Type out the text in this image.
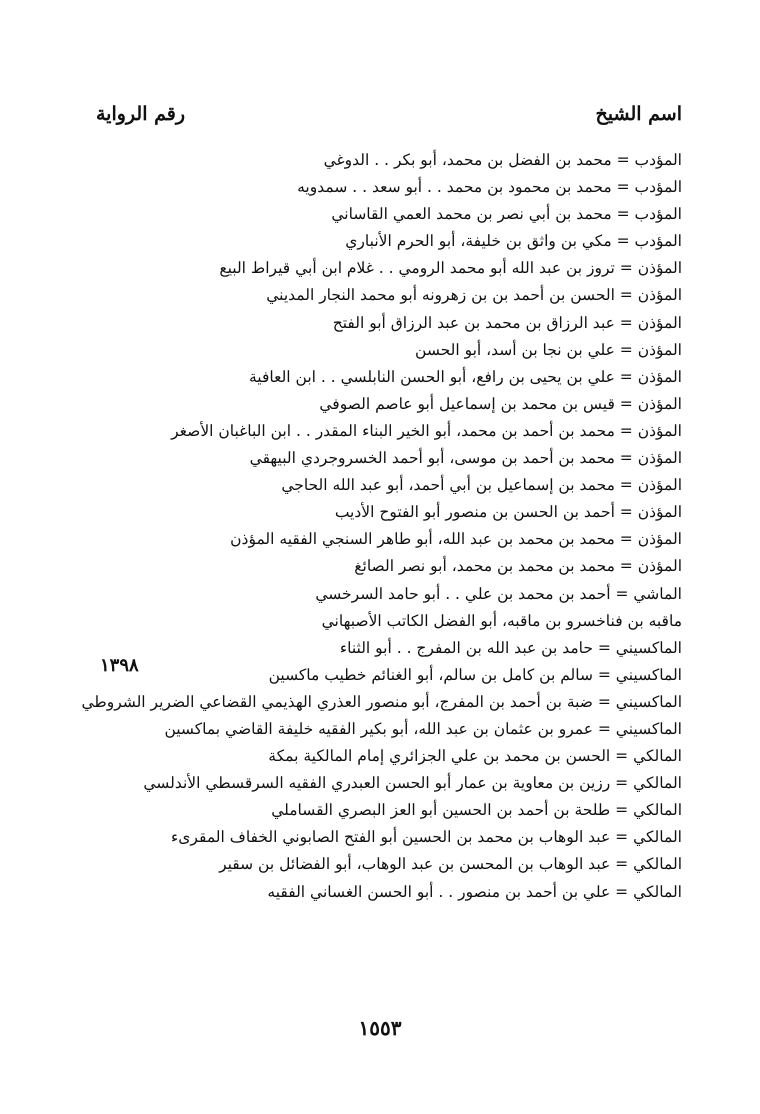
اسم الشيخ
رقم الرواية
المؤدب = محمد بن الفضل بن محمد، أبو بكر . . الدوغي
المؤدب = محمد بن محمود بن محمد . . أبو سعد . . سمدويه
المؤدب = محمد بن أبي نصر بن محمد العمي القاساني
المؤدب = مكي بن واثق بن خليفة، أبو الحرم الأنباري
المؤذن = تروز بن عبد الله أبو محمد الرومي . . غلام ابن أبي قيراط البيع
المؤذن = الحسن بن أحمد بن بن زهرونه أبو محمد النجار المديني
المؤذن = عبد الرزاق بن محمد بن عبد الرزاق أبو الفتح
المؤذن = علي بن نجا بن أسد، أبو الحسن
المؤذن = علي بن يحيى بن رافع، أبو الحسن النابلسي . . ابن العافية
المؤذن = قيس بن محمد بن إسماعيل أبو عاصم الصوفي
المؤذن = محمد بن أحمد بن محمد، أبو الخير البناء المقدر . . ابن الباغبان الأصغر
المؤذن = محمد بن أحمد بن موسى، أبو أحمد الخسروجردي البيهقي
المؤذن = محمد بن إسماعيل بن أبي أحمد، أبو عبد الله الحاجي
المؤذن = أحمد بن الحسن بن منصور أبو الفتوح الأديب
المؤذن = محمد بن محمد بن عبد الله، أبو طاهر السنجي الفقيه المؤذن
المؤذن = محمد بن محمد بن محمد، أبو نصر الصائغ
الماشي = أحمد بن محمد بن علي . . أبو حامد السرخسي
ماقبه بن فناخسرو بن ماقبه، أبو الفضل الكاتب الأصبهاني
الماكسيني = حامد بن عبد الله بن المفرج . . أبو الثناء
الماكسيني = سالم بن كامل بن سالم، أبو الغنائم خطيب ماكسين
الماكسيني = ضبة بن أحمد بن المفرج، أبو منصور العذري الهذيمي القضاعي الضرير الشروطي
الماكسيني = عمرو بن عثمان بن عبد الله، أبو بكير الفقيه خليفة القاضي بماكسين
المالكي = الحسن بن محمد بن علي الجزائري إمام المالكية بمكة
المالكي = رزين بن معاوية بن عمار أبو الحسن العبدري الفقيه السرقسطي الأندلسي
المالكي = طلحة بن أحمد بن الحسين أبو العز البصري القساملي
المالكي = عبد الوهاب بن محمد بن الحسين أبو الفتح الصابوني الخفاف المقرىء
المالكي = عبد الوهاب بن المحسن بن عبد الوهاب، أبو الفضائل بن سقير
المالكي = علي بن أحمد بن منصور . . أبو الحسن الغساني الفقيه
١٣٩٨
١٥٥٣
